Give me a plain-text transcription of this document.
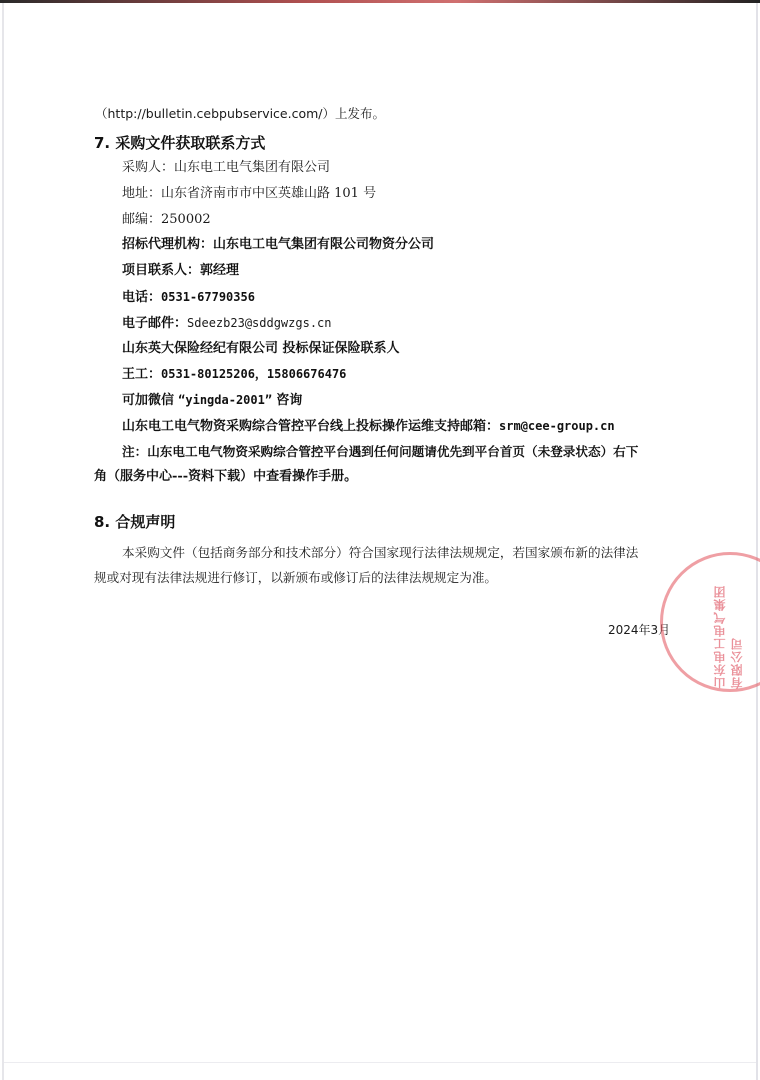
（http://bulletin.cebpubservice.com/）上发布。
7. 采购文件获取联系方式
采购人：山东电工电气集团有限公司
地址：山东省济南市市中区英雄山路 101 号
邮编：250002
招标代理机构：山东电工电气集团有限公司物资分公司
项目联系人：郭经理
电话：0531-67790356
电子邮件：Sdeezb23@sddgwzgs.cn
山东英大保险经纪有限公司 投标保证保险联系人
王工：0531-80125206，15806676476
可加微信 “yingda-2001” 咨询
山东电工电气物资采购综合管控平台线上投标操作运维支持邮箱：srm@cee-group.cn
注：山东电工电气物资采购综合管控平台遇到任何问题请优先到平台首页（未登录状态）右下
角（服务中心---资料下载）中查看操作手册。
8. 合规声明
本采购文件（包括商务部分和技术部分）符合国家现行法律法规规定，若国家颁布新的法律法
规或对现有法律法规进行修订，以新颁布或修订后的法律法规规定为准。
2024年3月	山东电工电气集团有限公司
